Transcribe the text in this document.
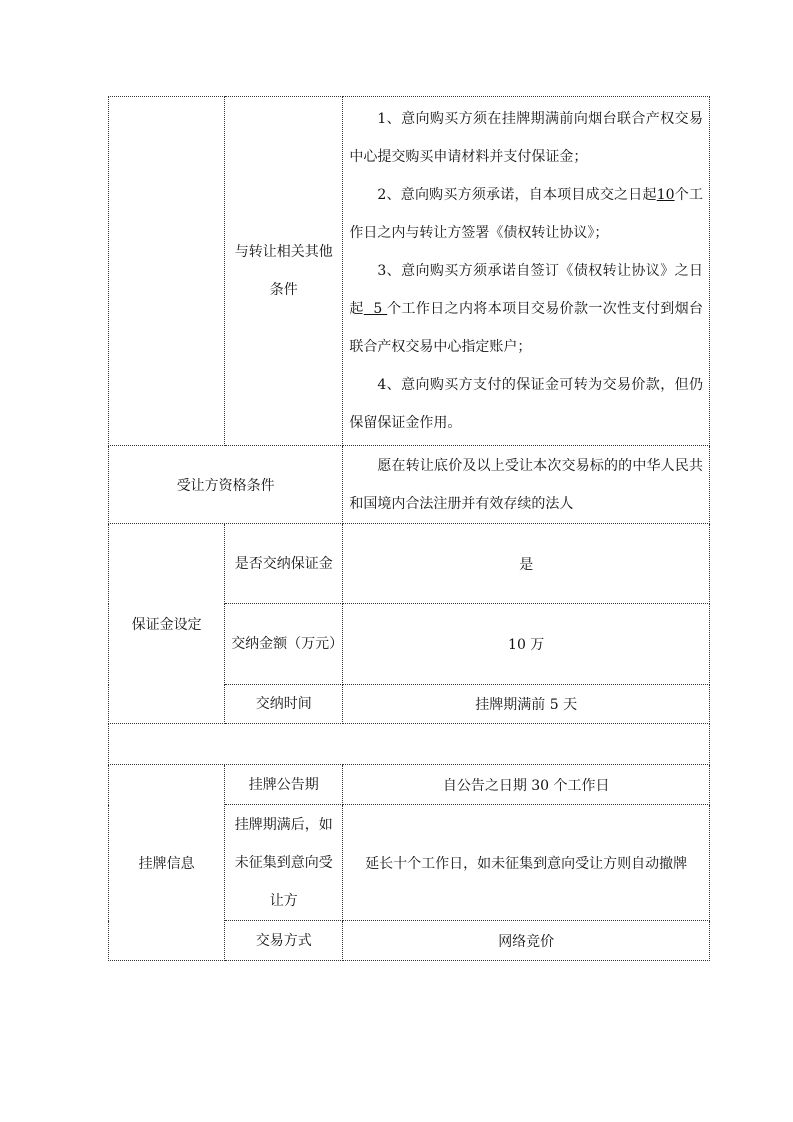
	与转让相关其他条件	1、意向购买方须在挂牌期满前向烟台联合产权交易中心提交购买申请材料并支付保证金；

2、意向购买方须承诺，自本项目成交之日起10个工作日之内与转让方签署《债权转让协议》；

3、意向购买方须承诺自签订《债权转让协议》之日起  5 个工作日之内将本项目交易价款一次性支付到烟台联合产权交易中心指定账户；

4、意向购买方支付的保证金可转为交易价款，但仍保留保证金作用。

受让方资格条件		愿在转让底价及以上受让本次交易标的的中华人民共和国境内合法注册并有效存续的法人

保证金设定	是否交纳保证金	是
	交纳金额（万元）	10 万
	交纳时间	挂牌期满前 5 天

挂牌信息	挂牌公告期	自公告之日期 30 个工作日
	挂牌期满后，如未征集到意向受让方	延长十个工作日，如未征集到意向受让方则自动撤牌
	交易方式	网络竞价
